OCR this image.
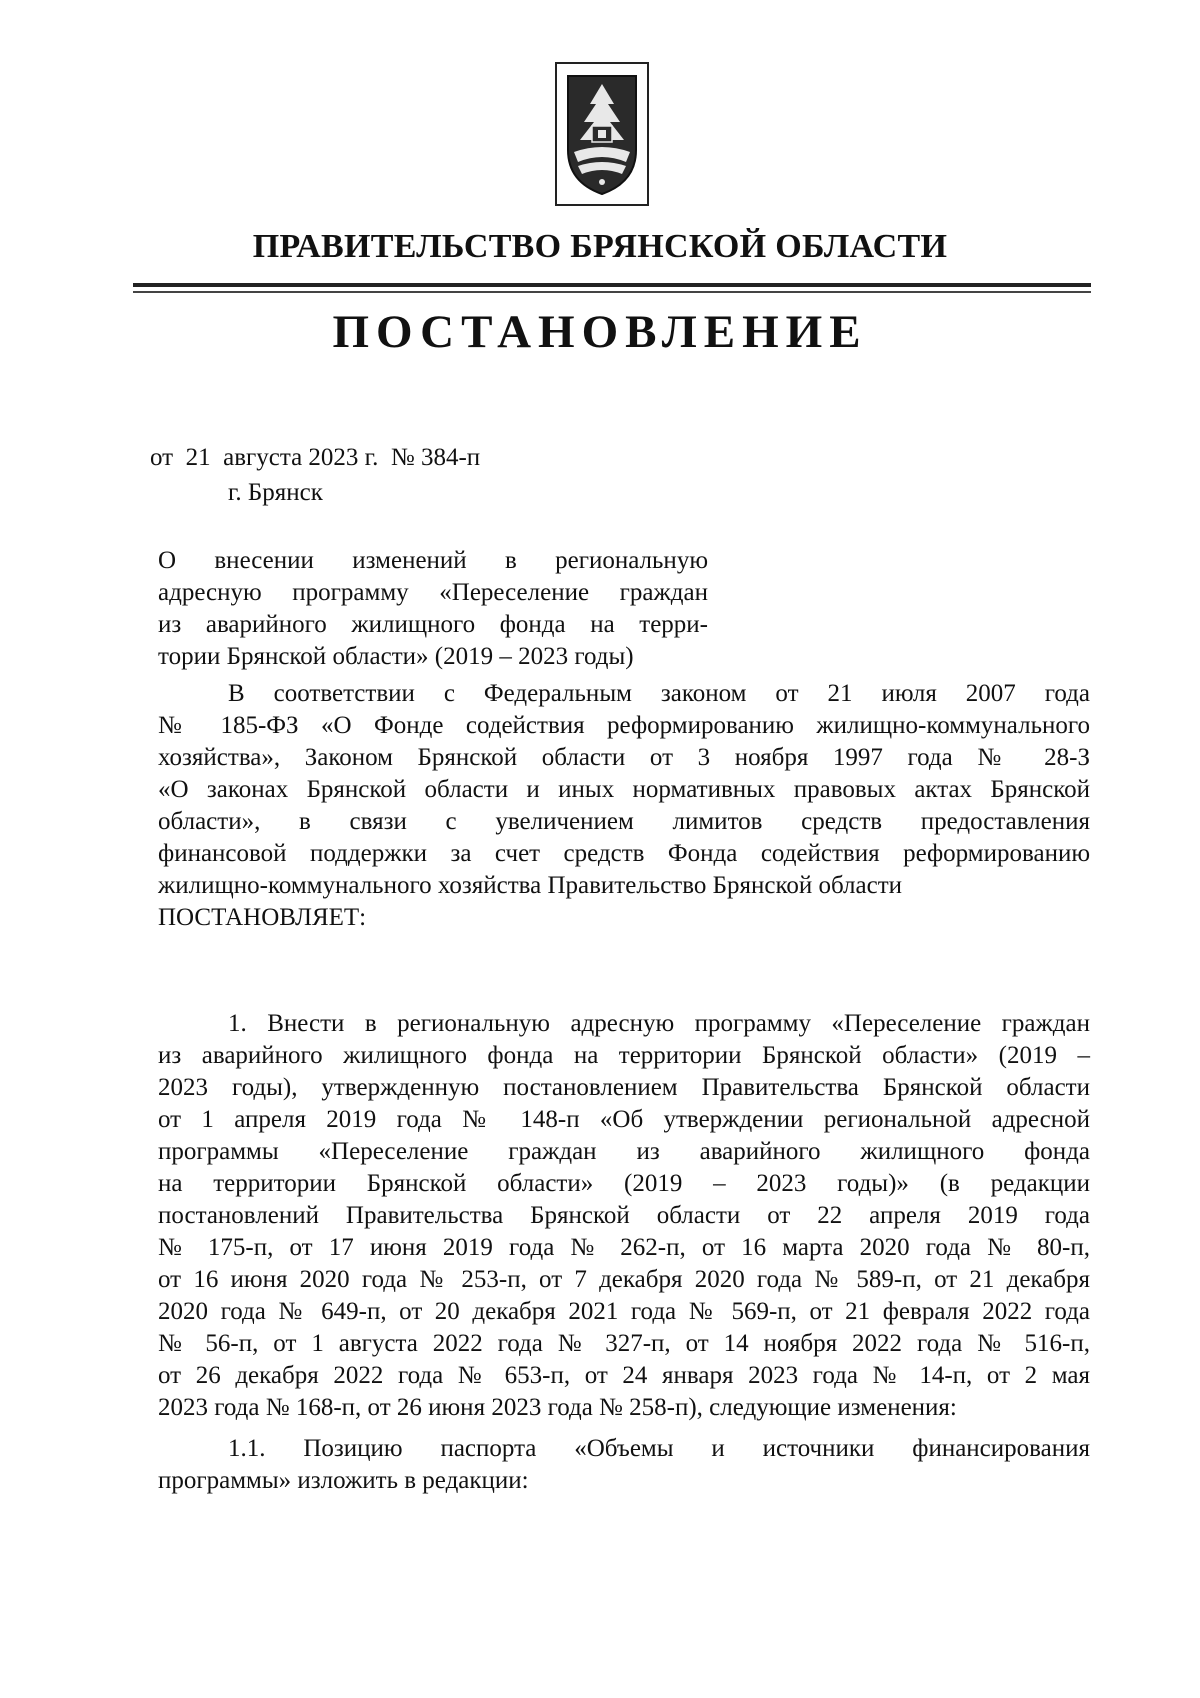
ПРАВИТЕЛЬСТВО БРЯНСКОЙ ОБЛАСТИ
ПОСТАНОВЛЕНИЕ
от  21  августа 2023 г.  № 384-п
г. Брянск
О внесении изменений в региональную
адресную программу «Переселение граждан
из аварийного жилищного фонда на терри-
тории Брянской области» (2019 – 2023 годы)
В соответствии с Федеральным законом от 21 июля 2007 года
№ 185-ФЗ «О Фонде содействия реформированию жилищно-коммунального
хозяйства», Законом Брянской области от 3 ноября 1997 года № 28-З
«О законах Брянской области и иных нормативных правовых актах Брянской
области», в связи с увеличением лимитов средств предоставления
финансовой поддержки за счет средств Фонда содействия реформированию
жилищно-коммунального хозяйства Правительство Брянской области
ПОСТАНОВЛЯЕТ:
1. Внести в региональную адресную программу «Переселение граждан
из аварийного жилищного фонда на территории Брянской области» (2019 –
2023 годы), утвержденную постановлением Правительства Брянской области
от 1 апреля 2019 года № 148-п «Об утверждении региональной адресной
программы «Переселение граждан из аварийного жилищного фонда
на территории Брянской области» (2019 – 2023 годы)» (в редакции
постановлений Правительства Брянской области от 22 апреля 2019 года
№ 175-п, от 17 июня 2019 года № 262-п, от 16 марта 2020 года № 80-п,
от 16 июня 2020 года № 253-п, от 7 декабря 2020 года № 589-п, от 21 декабря
2020 года № 649-п, от 20 декабря 2021 года № 569-п, от 21 февраля 2022 года
№ 56-п, от 1 августа 2022 года № 327-п, от 14 ноября 2022 года № 516-п,
от 26 декабря 2022 года № 653-п, от 24 января 2023 года № 14-п, от 2 мая
2023 года № 168-п, от 26 июня 2023 года № 258-п), следующие изменения:
1.1. Позицию паспорта «Объемы и источники финансирования
программы» изложить в редакции:
